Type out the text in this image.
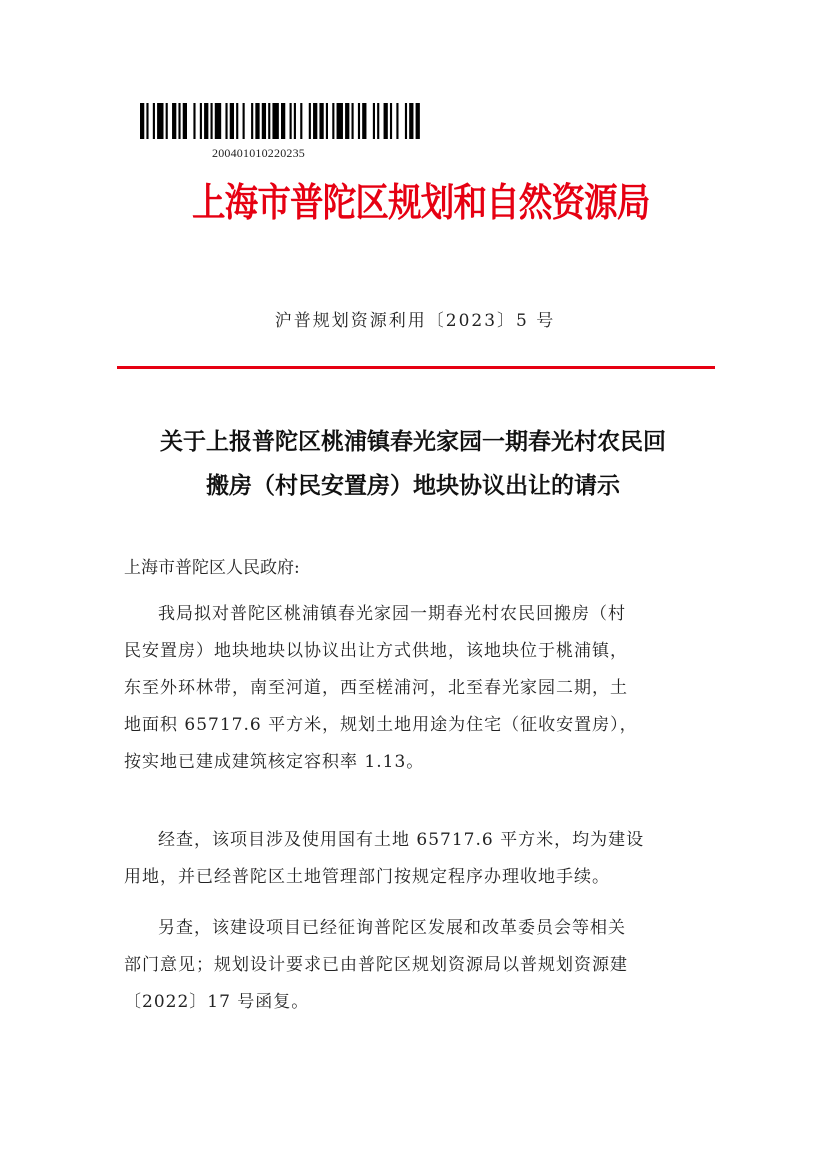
200401010220235
上海市普陀区规划和自然资源局
沪普规划资源利用〔2023〕5 号
关于上报普陀区桃浦镇春光家园一期春光村农民回
搬房（村民安置房）地块协议出让的请示
上海市普陀区人民政府:
我局拟对普陀区桃浦镇春光家园一期春光村农民回搬房（村
民安置房）地块地块以协议出让方式供地，该地块位于桃浦镇，
东至外环林带，南至河道，西至槎浦河，北至春光家园二期，土
地面积 65717.6 平方米，规划土地用途为住宅（征收安置房），
按实地已建成建筑核定容积率 1.13。
经查，该项目涉及使用国有土地 65717.6 平方米，均为建设
用地，并已经普陀区土地管理部门按规定程序办理收地手续。
另查，该建设项目已经征询普陀区发展和改革委员会等相关
部门意见；规划设计要求已由普陀区规划资源局以普规划资源建
〔2022〕17 号函复。
